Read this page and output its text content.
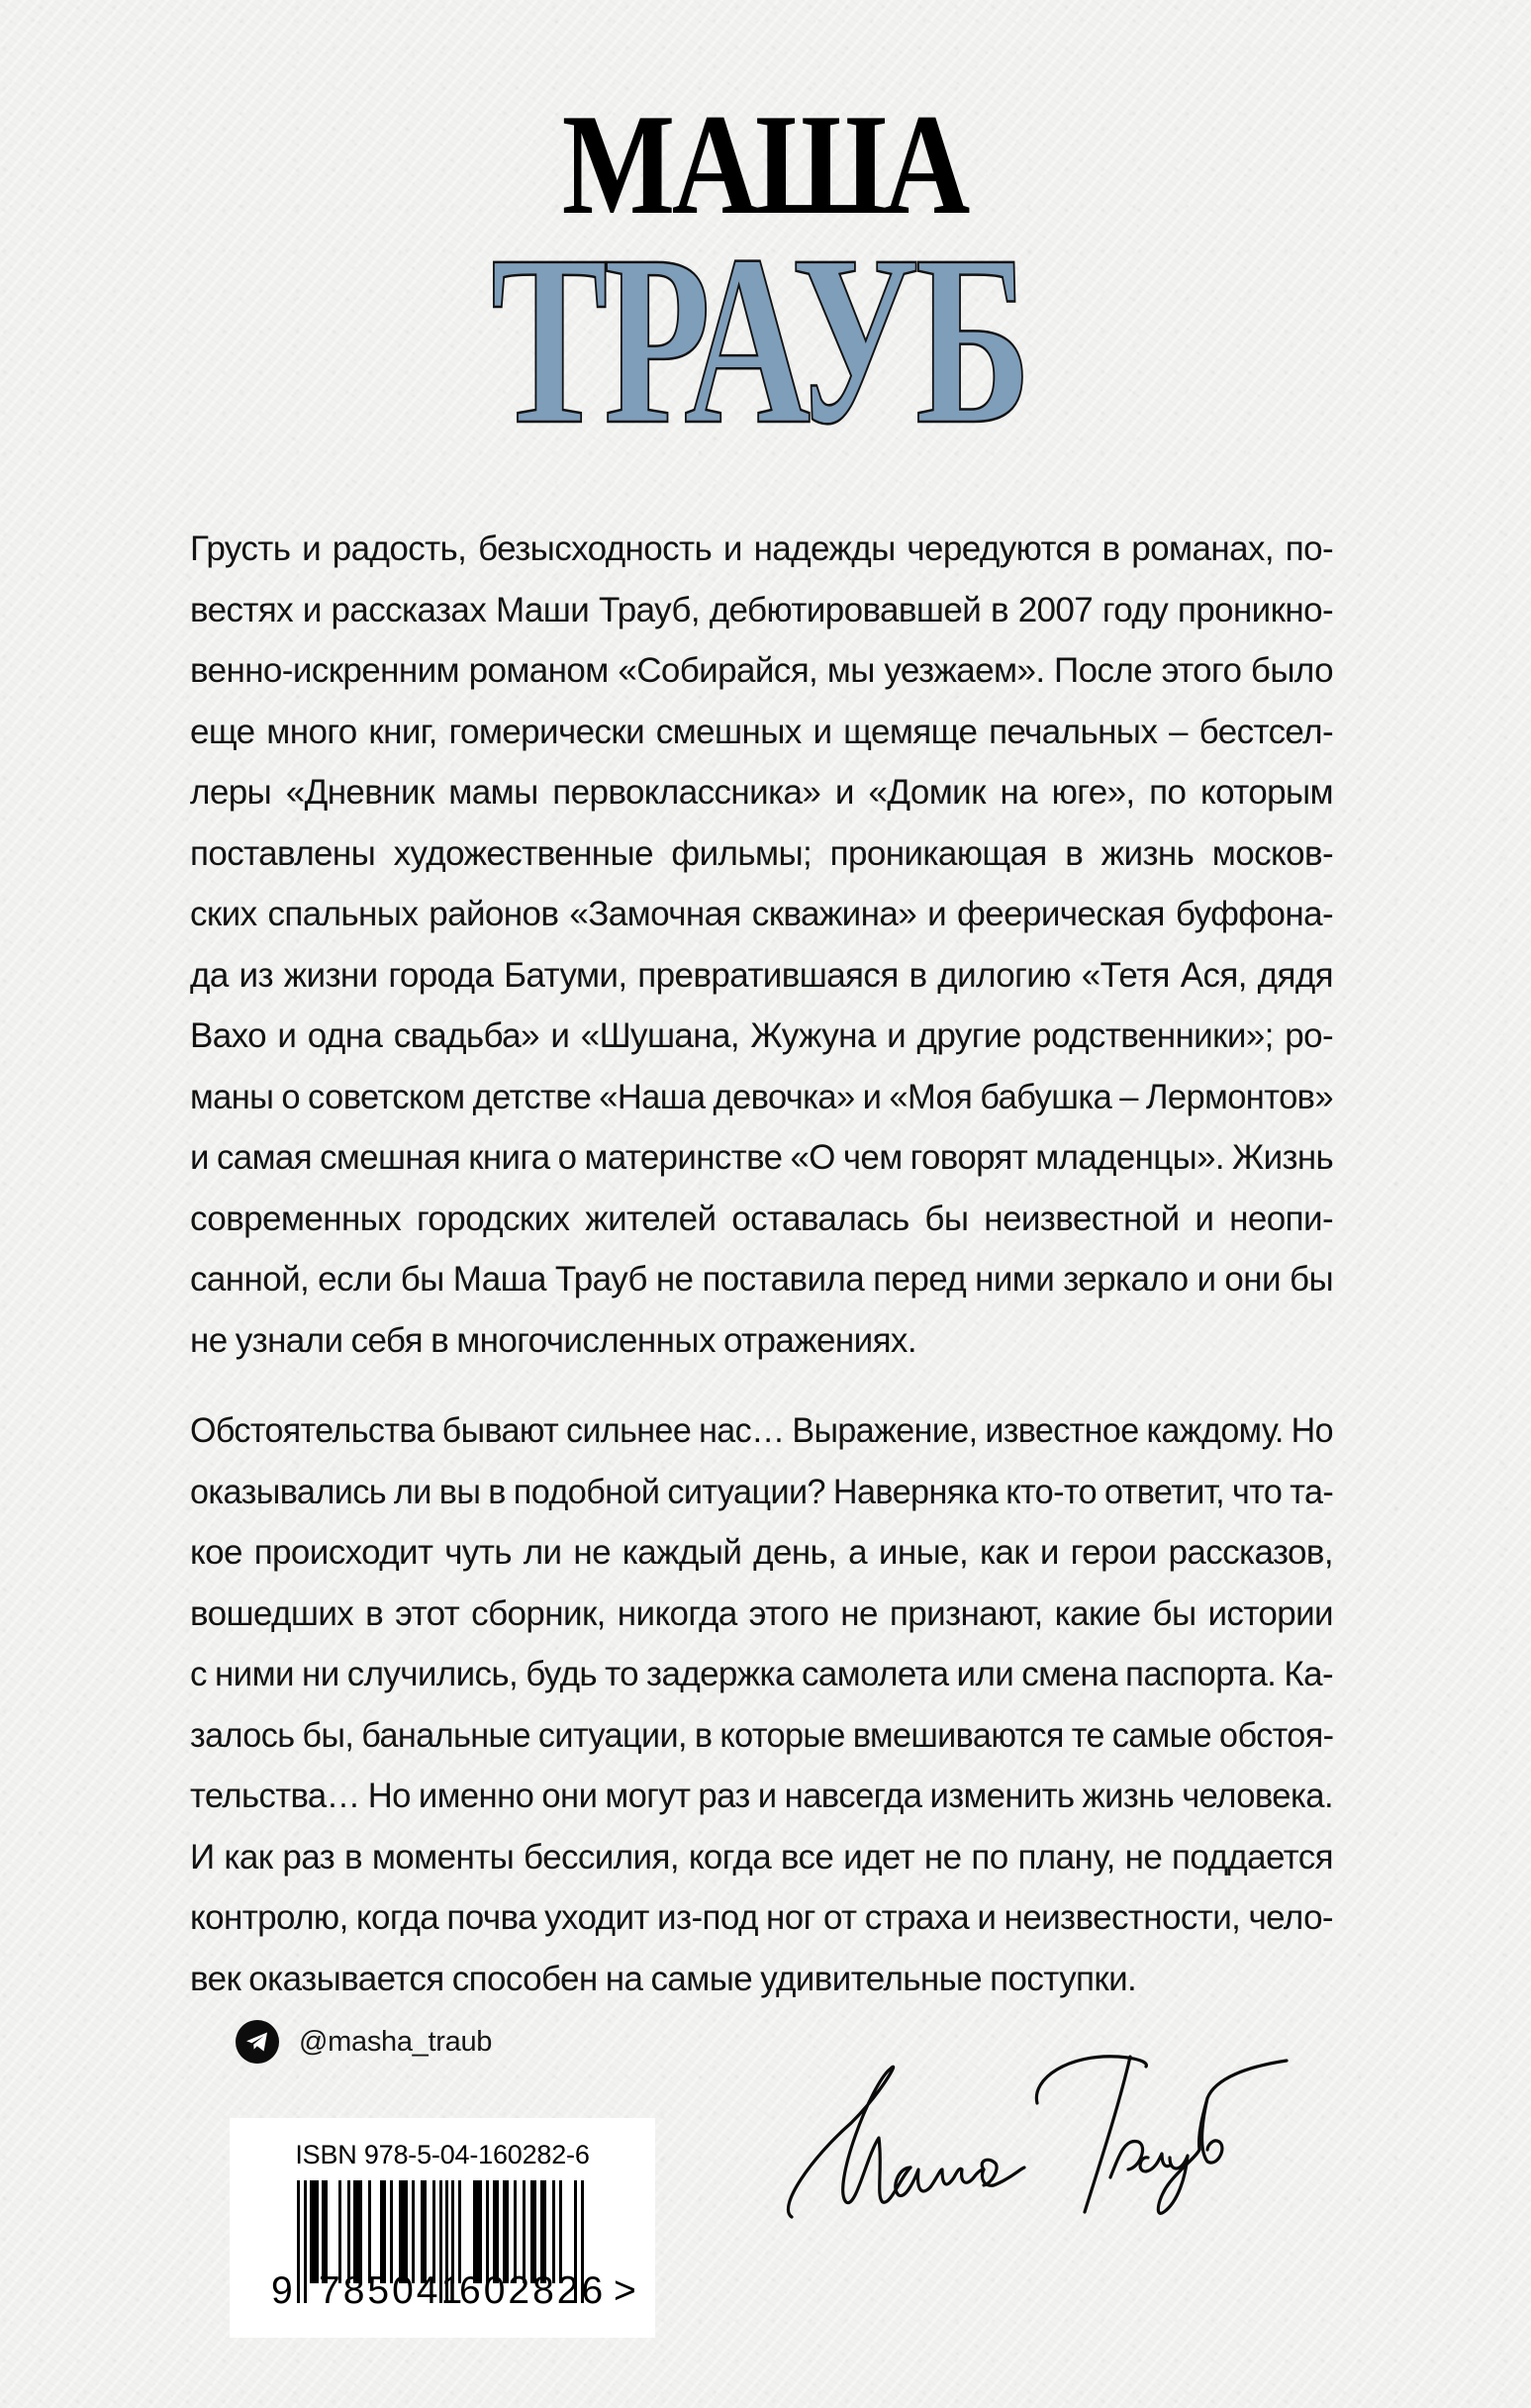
МАША
ТРАУБ

Грусть и радость, безысходность и надежды чередуются в романах, по-
вестях и рассказах Маши Трауб, дебютировавшей в 2007 году проникно-
венно-искренним романом «Собирайся, мы уезжаем». После этого было
еще много книг, гомерически смешных и щемяще печальных – бестсел-
леры «Дневник мамы первоклассника» и «Домик на юге», по которым
поставлены художественные фильмы; проникающая в жизнь москов-
ских спальных районов «Замочная скважина» и феерическая буффона-
да из жизни города Батуми, превратившаяся в дилогию «Тетя Ася, дядя
Вахо и одна свадьба» и «Шушана, Жужуна и другие родственники»; ро-
маны о советском детстве «Наша девочка» и «Моя бабушка – Лермонтов»
и самая смешная книга о материнстве «О чем говорят младенцы». Жизнь
современных городских жителей оставалась бы неизвестной и неопи-
санной, если бы Маша Трауб не поставила перед ними зеркало и они бы
не узнали себя в многочисленных отражениях.

Обстоятельства бывают сильнее нас… Выражение, известное каждому. Но
оказывались ли вы в подобной ситуации? Наверняка кто-то ответит, что та-
кое происходит чуть ли не каждый день, а иные, как и герои рассказов,
вошедших в этот сборник, никогда этого не признают, какие бы истории
с ними ни случились, будь то задержка самолета или смена паспорта. Ка-
залось бы, банальные ситуации, в которые вмешиваются те самые обстоя-
тельства… Но именно они могут раз и навсегда изменить жизнь человека.
И как раз в моменты бессилия, когда все идет не по плану, не поддается
контролю, когда почва уходит из-под ног от страха и неизвестности, чело-
век оказывается способен на самые удивительные поступки.

@masha_traub
ISBN 978-5-04-160282-6
9 785041
602826 >
